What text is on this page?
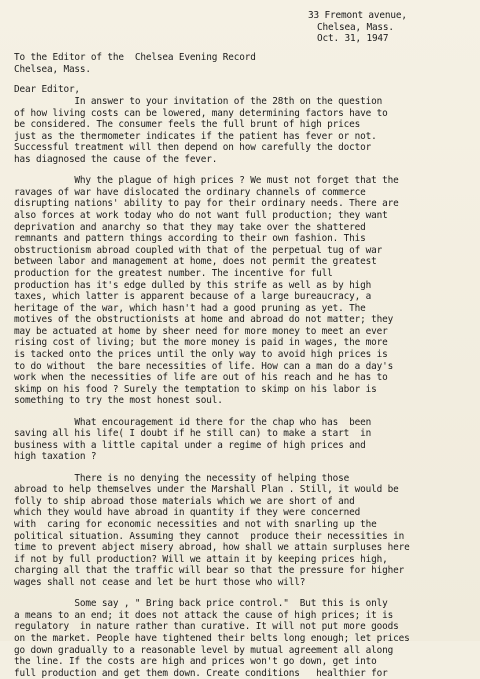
33 Fremont avenue,
Chelsea, Mass.
Oct. 31, 1947
To the Editor of the  Chelsea Evening Record
Chelsea, Mass.
Dear Editor,
In answer to your invitation of the 28th on the question
of how living costs can be lowered, many determining factors have to
be considered. The consumer feels the full brunt of high prices
just as the thermometer indicates if the patient has fever or not.
Successful treatment will then depend on how carefully the doctor
has diagnosed the cause of the fever.

Why the plague of high prices ? We must not forget that the
ravages of war have dislocated the ordinary channels of commerce
disrupting nations' ability to pay for their ordinary needs. There are
also forces at work today who do not want full production; they want
deprivation and anarchy so that they may take over the shattered
remnants and pattern things according to their own fashion. This
obstructionism abroad coupled with that of the perpetual tug of war
between labor and management at home, does not permit the greatest
production for the greatest number. The incentive for full
production has it's edge dulled by this strife as well as by high
taxes, which latter is apparent because of a large bureaucracy, a
heritage of the war, which hasn't had a good pruning as yet. The
motives of the obstructionists at home and abroad do not matter; they
may be actuated at home by sheer need for more money to meet an ever
rising cost of living; but the more money is paid in wages, the more
is tacked onto the prices until the only way to avoid high prices is
to do without  the bare necessities of life. How can a man do a day's
work when the necessities of life are out of his reach and he has to
skimp on his food ? Surely the temptation to skimp on his labor is
something to try the most honest soul.

What encouragement id there for the chap who has  been
saving all his life( I doubt if he still can) to make a start  in
business with a little capital under a regime of high prices and
high taxation ?

There is no denying the necessity of helping those
abroad to help themselves under the Marshall Plan . Still, it would be
folly to ship abroad those materials which we are short of and
which they would have abroad in quantity if they were concerned
with  caring for economic necessities and not with snarling up the
political situation. Assuming they cannot  produce their necessities in
time to prevent abject misery abroad, how shall we attain surpluses here
if not by full production? Will we attain it by keeping prices high,
charging all that the traffic will bear so that the pressure for higher
wages shall not cease and let be hurt those who will?

Some say , " Bring back price control."  But this is only
a means to an end; it does not attack the cause of high prices; it is
regulatory  in nature rather than curative. It will not put more goods
on the market. People have tightened their belts long enough; let prices
go down gradually to a reasonable level by mutual agreement all along
the line. If the costs are high and prices won't go down, get into
full production and get them down. Create conditions   healthier for
